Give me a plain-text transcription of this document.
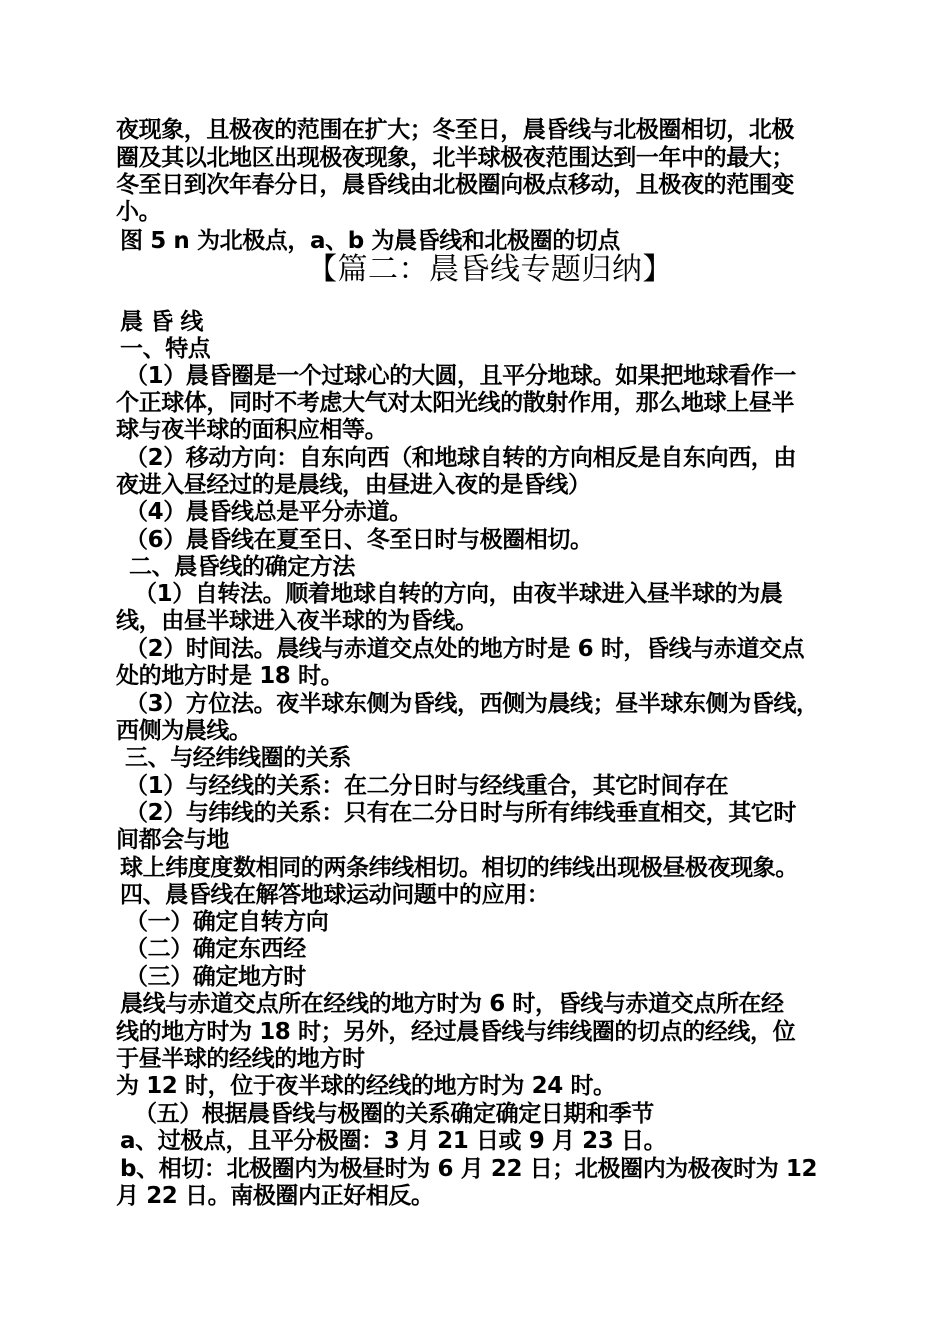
夜现象，且极夜的范围在扩大；冬至日，晨昏线与北极圈相切，北极
圈及其以北地区出现极夜现象，北半球极夜范围达到一年中的最大；
冬至日到次年春分日，晨昏线由北极圈向极点移动，且极夜的范围变
小。
图 5 n 为北极点，a、b 为晨昏线和北极圈的切点
【篇二：晨昏线专题归纳】
晨 昏 线
一、特点
（1）晨昏圈是一个过球心的大圆，且平分地球。如果把地球看作一
个正球体，同时不考虑大气对太阳光线的散射作用，那么地球上昼半
球与夜半球的面积应相等。
（2）移动方向：自东向西（和地球自转的方向相反是自东向西，由
夜进入昼经过的是晨线，由昼进入夜的是昏线）
（4）晨昏线总是平分赤道。
（6）晨昏线在夏至日、冬至日时与极圈相切。
二、晨昏线的确定方法
（1）自转法。顺着地球自转的方向，由夜半球进入昼半球的为晨
线，由昼半球进入夜半球的为昏线。
（2）时间法。晨线与赤道交点处的地方时是 6 时，昏线与赤道交点
处的地方时是 18 时。
（3）方位法。夜半球东侧为昏线，西侧为晨线；昼半球东侧为昏线，
西侧为晨线。
三、与经纬线圈的关系
（1）与经线的关系：在二分日时与经线重合，其它时间存在
（2）与纬线的关系：只有在二分日时与所有纬线垂直相交，其它时
间都会与地
球上纬度度数相同的两条纬线相切。相切的纬线出现极昼极夜现象。
四、晨昏线在解答地球运动问题中的应用：
（一）确定自转方向
（二）确定东西经
（三）确定地方时
晨线与赤道交点所在经线的地方时为 6 时，昏线与赤道交点所在经
线的地方时为 18 时；另外，经过晨昏线与纬线圈的切点的经线，位
于昼半球的经线的地方时
为 12 时，位于夜半球的经线的地方时为 24 时。
（五）根据晨昏线与极圈的关系确定确定日期和季节
a、过极点，且平分极圈：3 月 21 日或 9 月 23 日。
b、相切：北极圈内为极昼时为 6 月 22 日；北极圈内为极夜时为 12
月 22 日。南极圈内正好相反。
